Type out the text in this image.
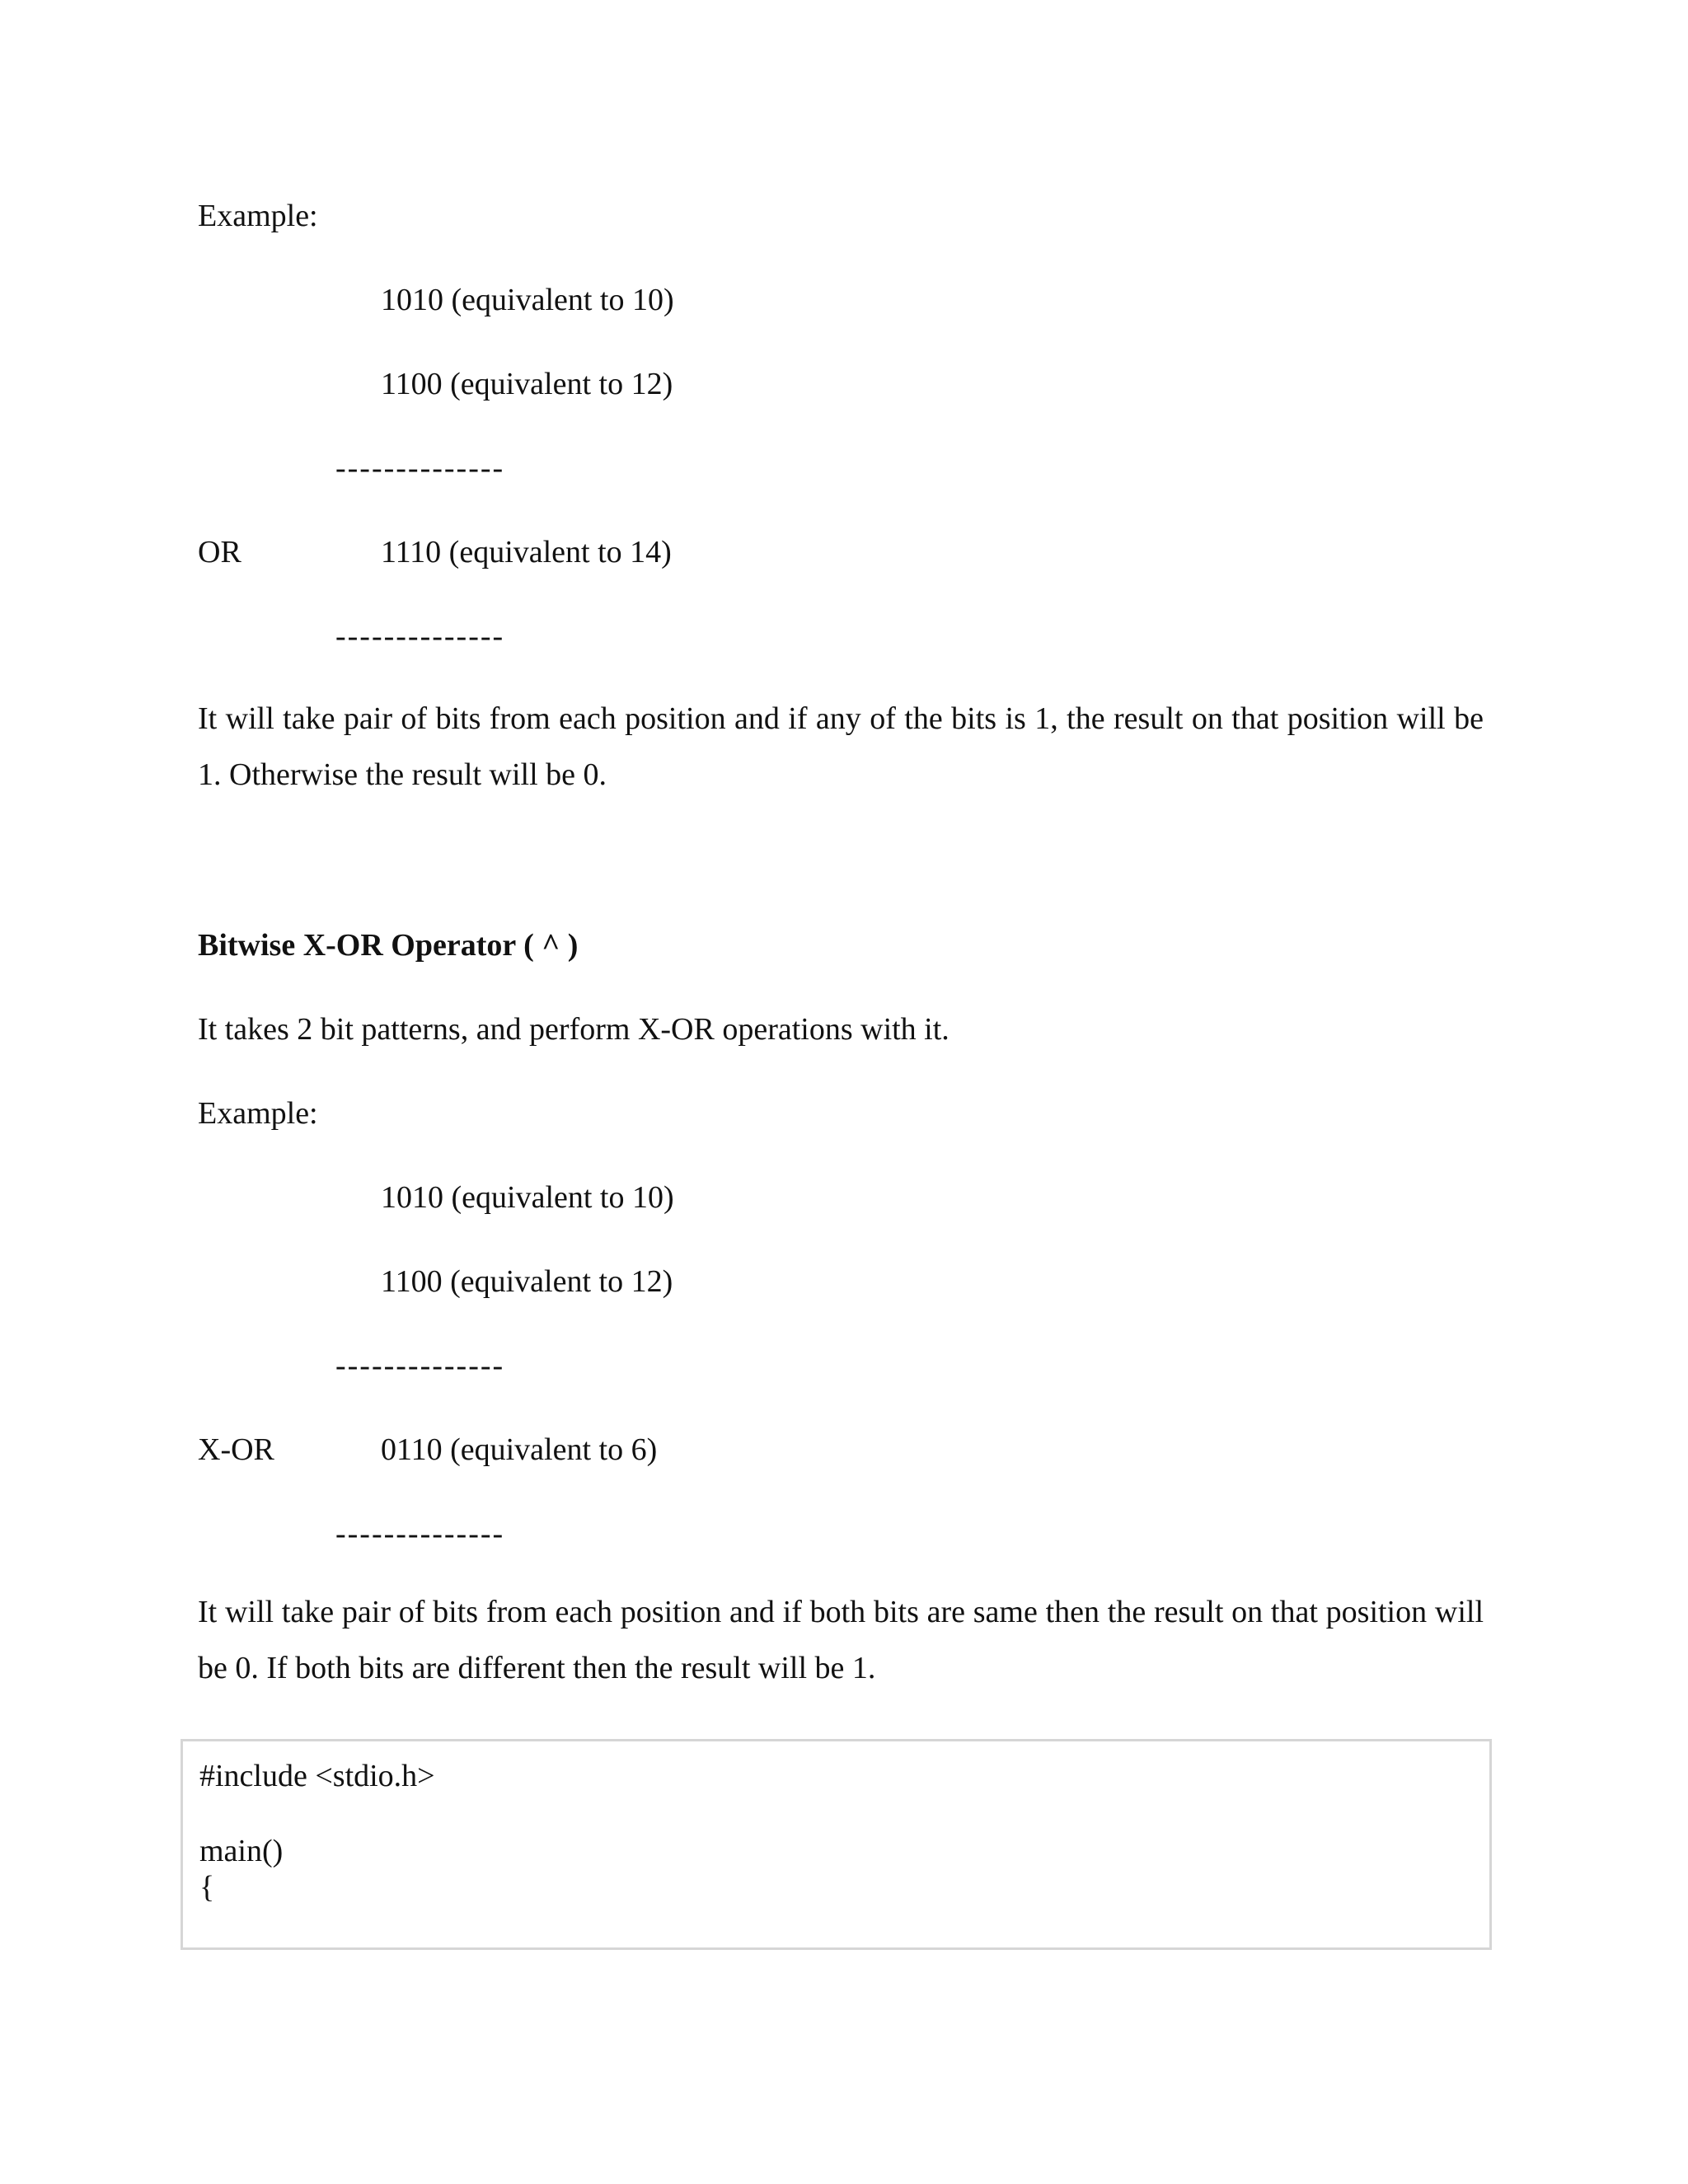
Example:
1010 (equivalent to 10)
1100 (equivalent to 12)
--------------
OR	1110 (equivalent to 14)
--------------

It will take pair of bits from each position and if any of the bits is 1, the result on that position will be 1. Otherwise the result will be 0.

Bitwise X-OR Operator ( ^ )
It takes 2 bit patterns, and perform X-OR operations with it.
Example:
1010 (equivalent to 10)
1100 (equivalent to 12)
--------------
X-OR	0110 (equivalent to 6)
--------------

It will take pair of bits from each position and if both bits are same then the result on that position will be 0. If both bits are different then the result will be 1.

#include <stdio.h>
main()
{
